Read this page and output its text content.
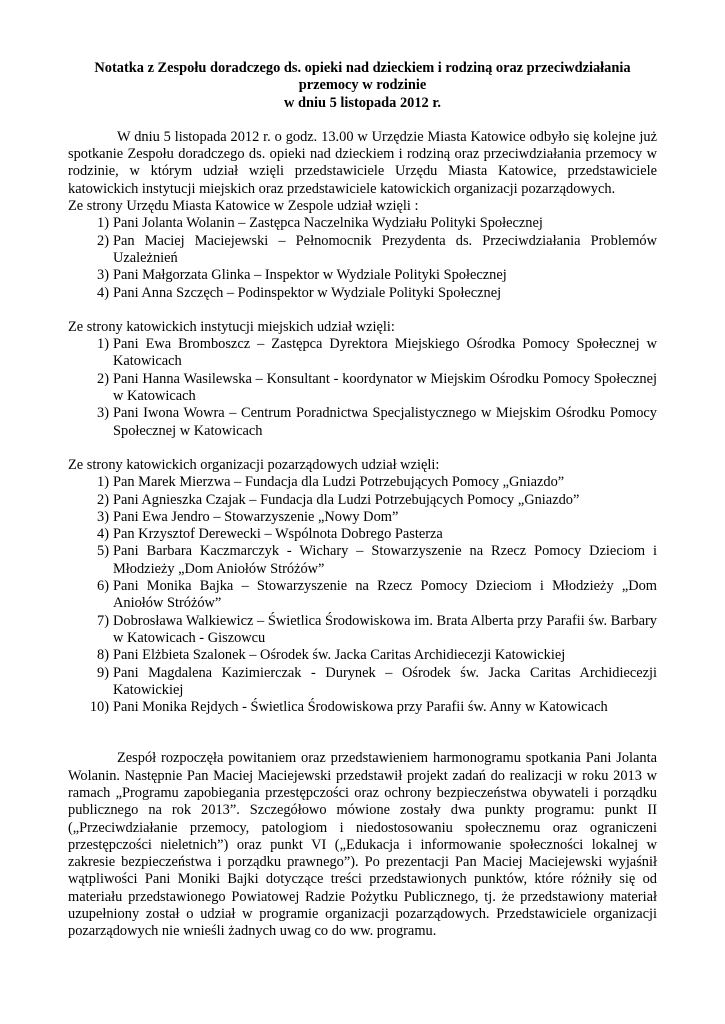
Notatka z Zespołu doradczego ds. opieki nad dzieckiem i rodziną oraz przeciwdziałania
przemocy w rodzinie
w dniu 5 listopada 2012 r.

W dniu 5 listopada 2012 r. o godz. 13.00 w Urzędzie Miasta Katowice odbyło się kolejne już spotkanie Zespołu doradczego ds. opieki nad dzieckiem i rodziną oraz przeciwdziałania przemocy w rodzinie, w którym udział wzięli przedstawiciele Urzędu Miasta Katowice, przedstawiciele katowickich instytucji miejskich oraz przedstawiciele katowickich organizacji pozarządowych.

Ze strony Urzędu Miasta Katowice w Zespole udział wzięli :

1) Pani Jolanta Wolanin – Zastępca Naczelnika Wydziału Polityki Społecznej
2) Pan Maciej Maciejewski – Pełnomocnik Prezydenta ds. Przeciwdziałania Problemów Uzależnień
3) Pani Małgorzata Glinka – Inspektor w Wydziale Polityki Społecznej
4) Pani Anna Szczęch – Podinspektor w Wydziale Polityki Społecznej

Ze strony katowickich instytucji miejskich udział wzięli:

1) Pani Ewa Bromboszcz – Zastępca Dyrektora Miejskiego Ośrodka Pomocy Społecznej w Katowicach
2) Pani Hanna Wasilewska – Konsultant - koordynator w Miejskim Ośrodku Pomocy Społecznej w Katowicach
3) Pani Iwona Wowra – Centrum Poradnictwa Specjalistycznego w Miejskim Ośrodku Pomocy Społecznej w Katowicach

Ze strony katowickich organizacji pozarządowych udział wzięli:

1) Pan Marek Mierzwa – Fundacja dla Ludzi Potrzebujących Pomocy „Gniazdo”
2) Pani Agnieszka Czajak – Fundacja dla Ludzi Potrzebujących Pomocy „Gniazdo”
3) Pani Ewa Jendro – Stowarzyszenie „Nowy Dom”
4) Pan Krzysztof Derewecki – Wspólnota Dobrego Pasterza
5) Pani Barbara Kaczmarczyk - Wichary – Stowarzyszenie na Rzecz Pomocy Dzieciom i Młodzieży „Dom Aniołów Stróżów”
6) Pani Monika Bajka – Stowarzyszenie na Rzecz Pomocy Dzieciom i Młodzieży „Dom Aniołów Stróżów”
7) Dobrosława Walkiewicz – Świetlica Środowiskowa im. Brata Alberta przy Parafii św. Barbary w Katowicach - Giszowcu
8) Pani Elżbieta Szalonek – Ośrodek św. Jacka Caritas Archidiecezji Katowickiej
9) Pani Magdalena Kazimierczak - Durynek – Ośrodek św. Jacka Caritas Archidiecezji Katowickiej
10) Pani Monika Rejdych - Świetlica Środowiskowa przy Parafii św. Anny w Katowicach

Zespół rozpoczęła powitaniem oraz przedstawieniem harmonogramu spotkania Pani Jolanta Wolanin. Następnie Pan Maciej Maciejewski przedstawił projekt zadań do realizacji w roku 2013 w ramach „Programu zapobiegania przestępczości oraz ochrony bezpieczeństwa obywateli i porządku publicznego na rok 2013”. Szczegółowo mówione zostały dwa punkty programu: punkt II („Przeciwdziałanie przemocy, patologiom i niedostosowaniu społecznemu oraz ograniczeni przestępczości nieletnich”) oraz punkt VI („Edukacja i informowanie społeczności lokalnej w zakresie bezpieczeństwa i porządku prawnego”). Po prezentacji Pan Maciej Maciejewski wyjaśnił wątpliwości Pani Moniki Bajki dotyczące treści przedstawionych punktów, które różniły się od materiału przedstawionego Powiatowej Radzie Pożytku Publicznego, tj. że przedstawiony materiał uzupełniony został o udział w programie organizacji pozarządowych. Przedstawiciele organizacji pozarządowych nie wnieśli żadnych uwag co do ww. programu.
